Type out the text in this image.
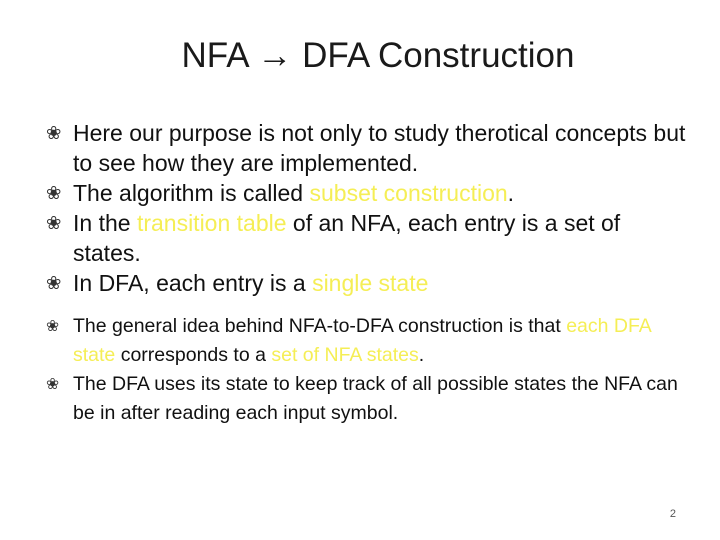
NFA → DFA Construction
❀ Here our purpose is not only to study therotical concepts but to see how they are implemented.
❀ The algorithm is called subset construction.
❀ In the transition table of an NFA, each entry is a set of states.
❀ In DFA, each entry is a single state
❀ The general idea behind NFA-to-DFA construction is that each DFA state corresponds to a set of NFA states.
❀ The DFA uses its state to keep track of all possible states the NFA can be in after reading each input symbol.
2
